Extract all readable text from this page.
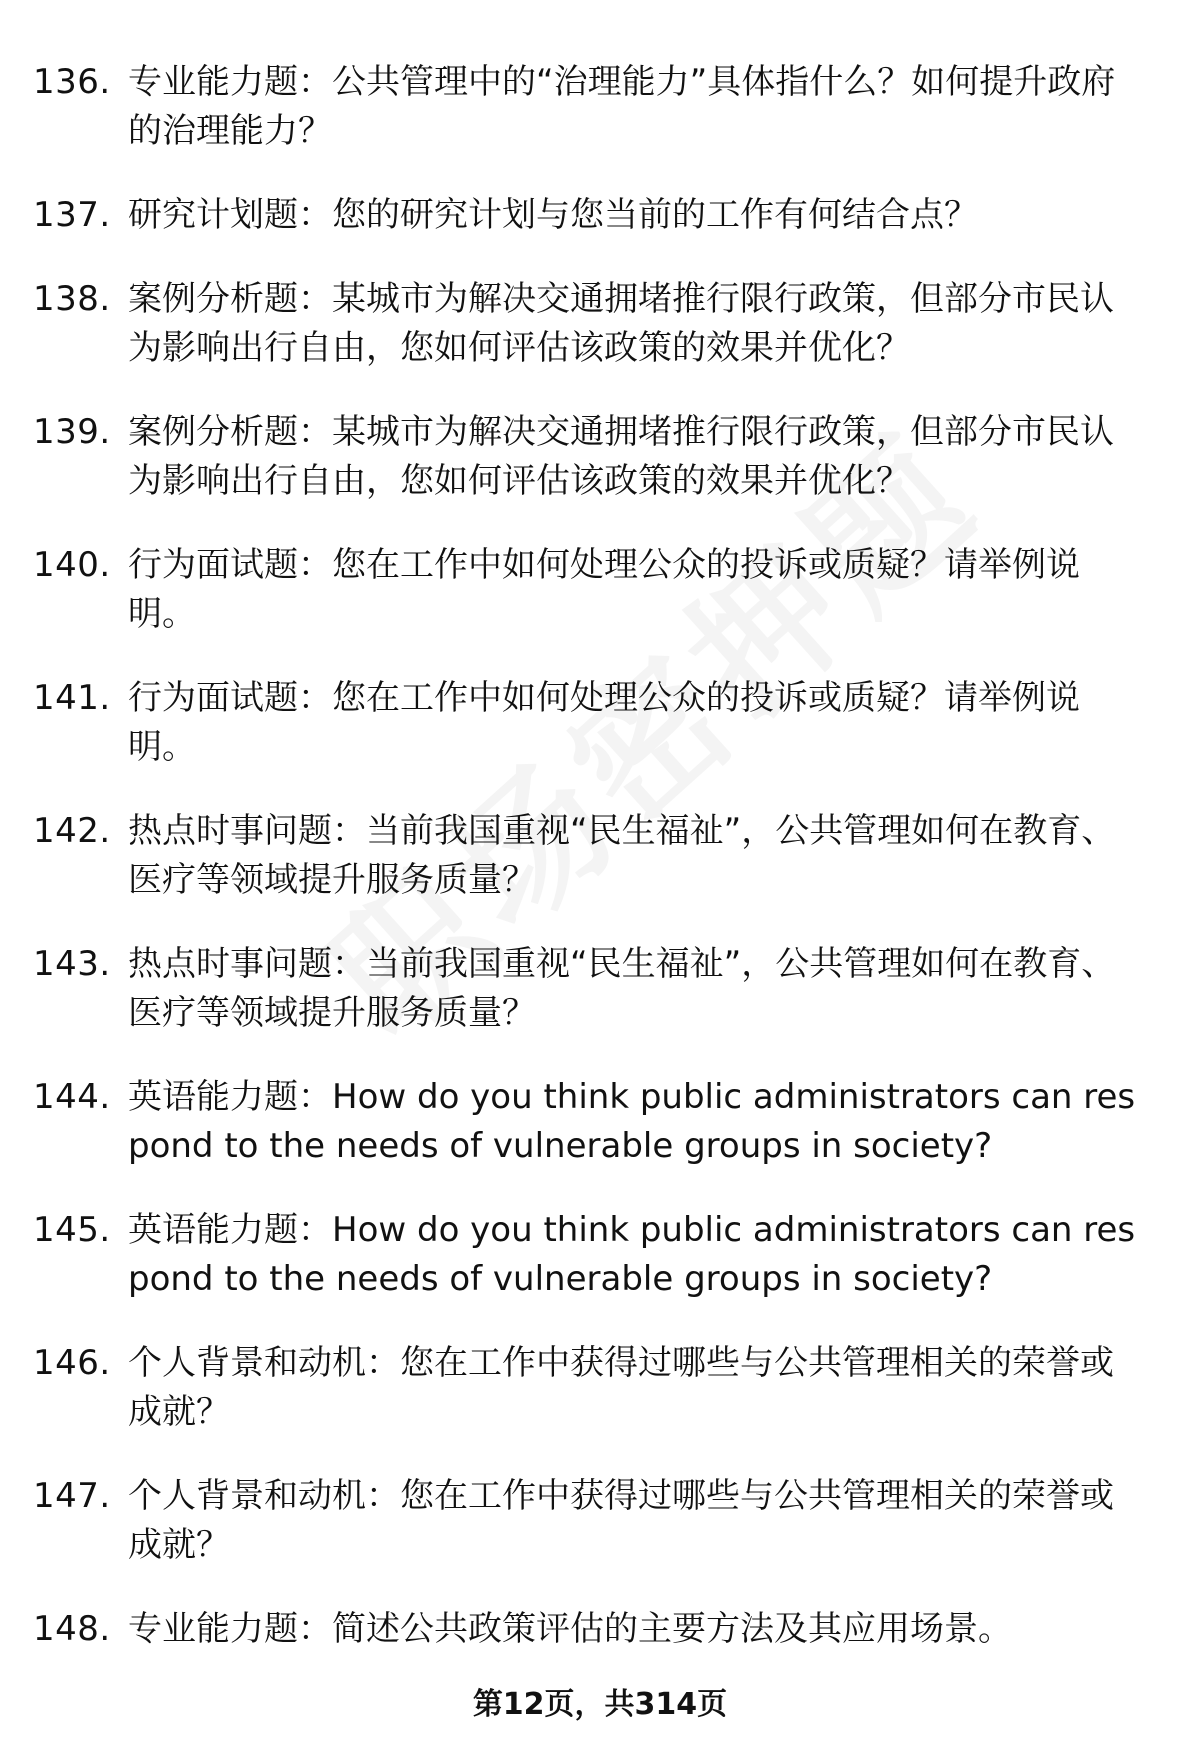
136. 专业能力题：公共管理中的“治理能力”具体指什么？如何提升政府的治理能力？
137. 研究计划题：您的研究计划与您当前的工作有何结合点？
138. 案例分析题：某城市为解决交通拥堵推行限行政策，但部分市民认为影响出行自由，您如何评估该政策的效果并优化？
139. 案例分析题：某城市为解决交通拥堵推行限行政策，但部分市民认为影响出行自由，您如何评估该政策的效果并优化？
140. 行为面试题：您在工作中如何处理公众的投诉或质疑？请举例说明。
141. 行为面试题：您在工作中如何处理公众的投诉或质疑？请举例说明。
142. 热点时事问题：当前我国重视“民生福祉”，公共管理如何在教育、医疗等领域提升服务质量？
143. 热点时事问题：当前我国重视“民生福祉”，公共管理如何在教育、医疗等领域提升服务质量？
144. 英语能力题：How do you think public administrators can respond to the needs of vulnerable groups in society?
145. 英语能力题：How do you think public administrators can respond to the needs of vulnerable groups in society?
146. 个人背景和动机：您在工作中获得过哪些与公共管理相关的荣誉或成就？
147. 个人背景和动机：您在工作中获得过哪些与公共管理相关的荣誉或成就？
148. 专业能力题：简述公共政策评估的主要方法及其应用场景。
第12页，共314页
